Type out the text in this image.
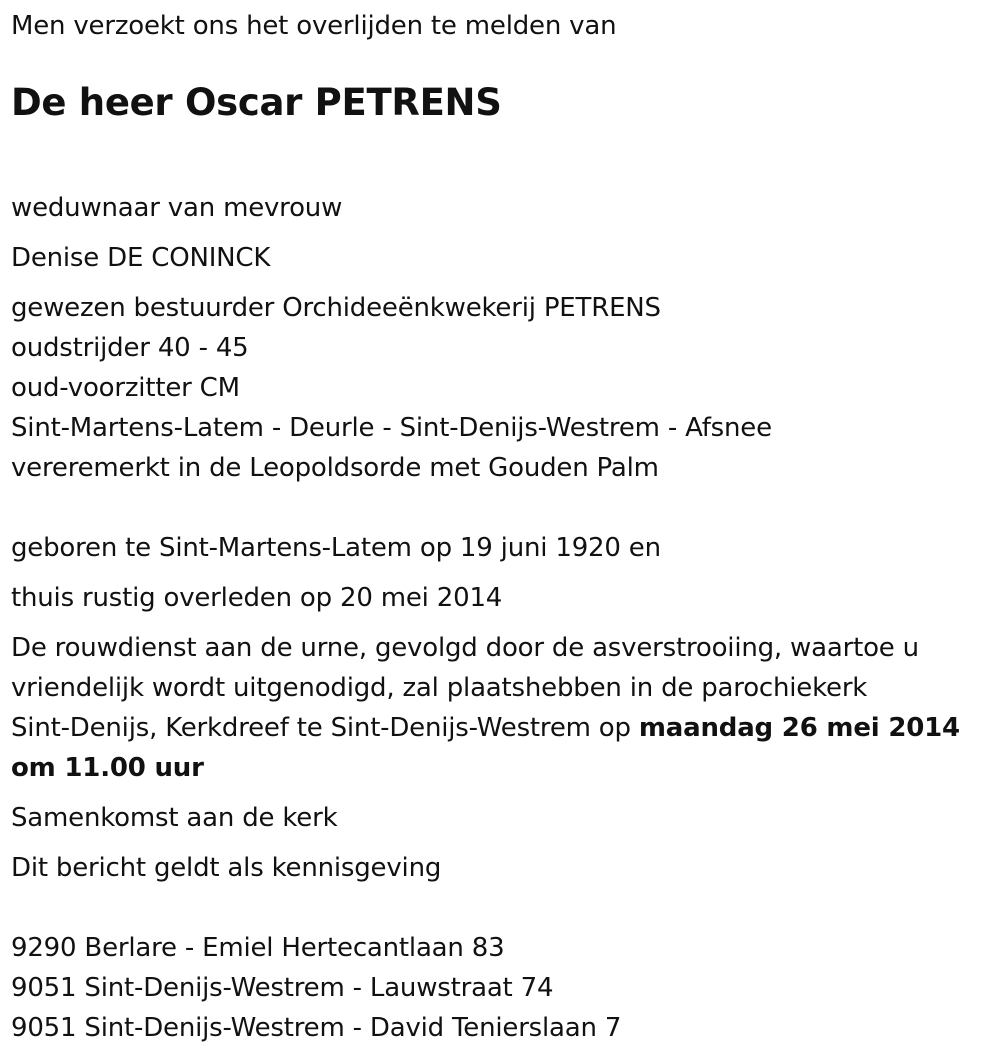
Men verzoekt ons het overlijden te melden van
De heer Oscar PETRENS
weduwnaar van mevrouw
Denise DE CONINCK
gewezen bestuurder Orchideeënkwekerij PETRENS
oudstrijder 40 - 45
oud-voorzitter CM
Sint-Martens-Latem - Deurle - Sint-Denijs-Westrem - Afsnee
vereremerkt in de Leopoldsorde met Gouden Palm
geboren te Sint-Martens-Latem op 19 juni 1920 en
thuis rustig overleden op 20 mei 2014
De rouwdienst aan de urne, gevolgd door de asverstrooiing, waartoe u
vriendelijk wordt uitgenodigd, zal plaatshebben in de parochiekerk
Sint-Denijs, Kerkdreef te Sint-Denijs-Westrem op maandag 26 mei 2014
om 11.00 uur
Samenkomst aan de kerk
Dit bericht geldt als kennisgeving
9290 Berlare - Emiel Hertecantlaan 83
9051 Sint-Denijs-Westrem - Lauwstraat 74
9051 Sint-Denijs-Westrem - David Tenierslaan 7
